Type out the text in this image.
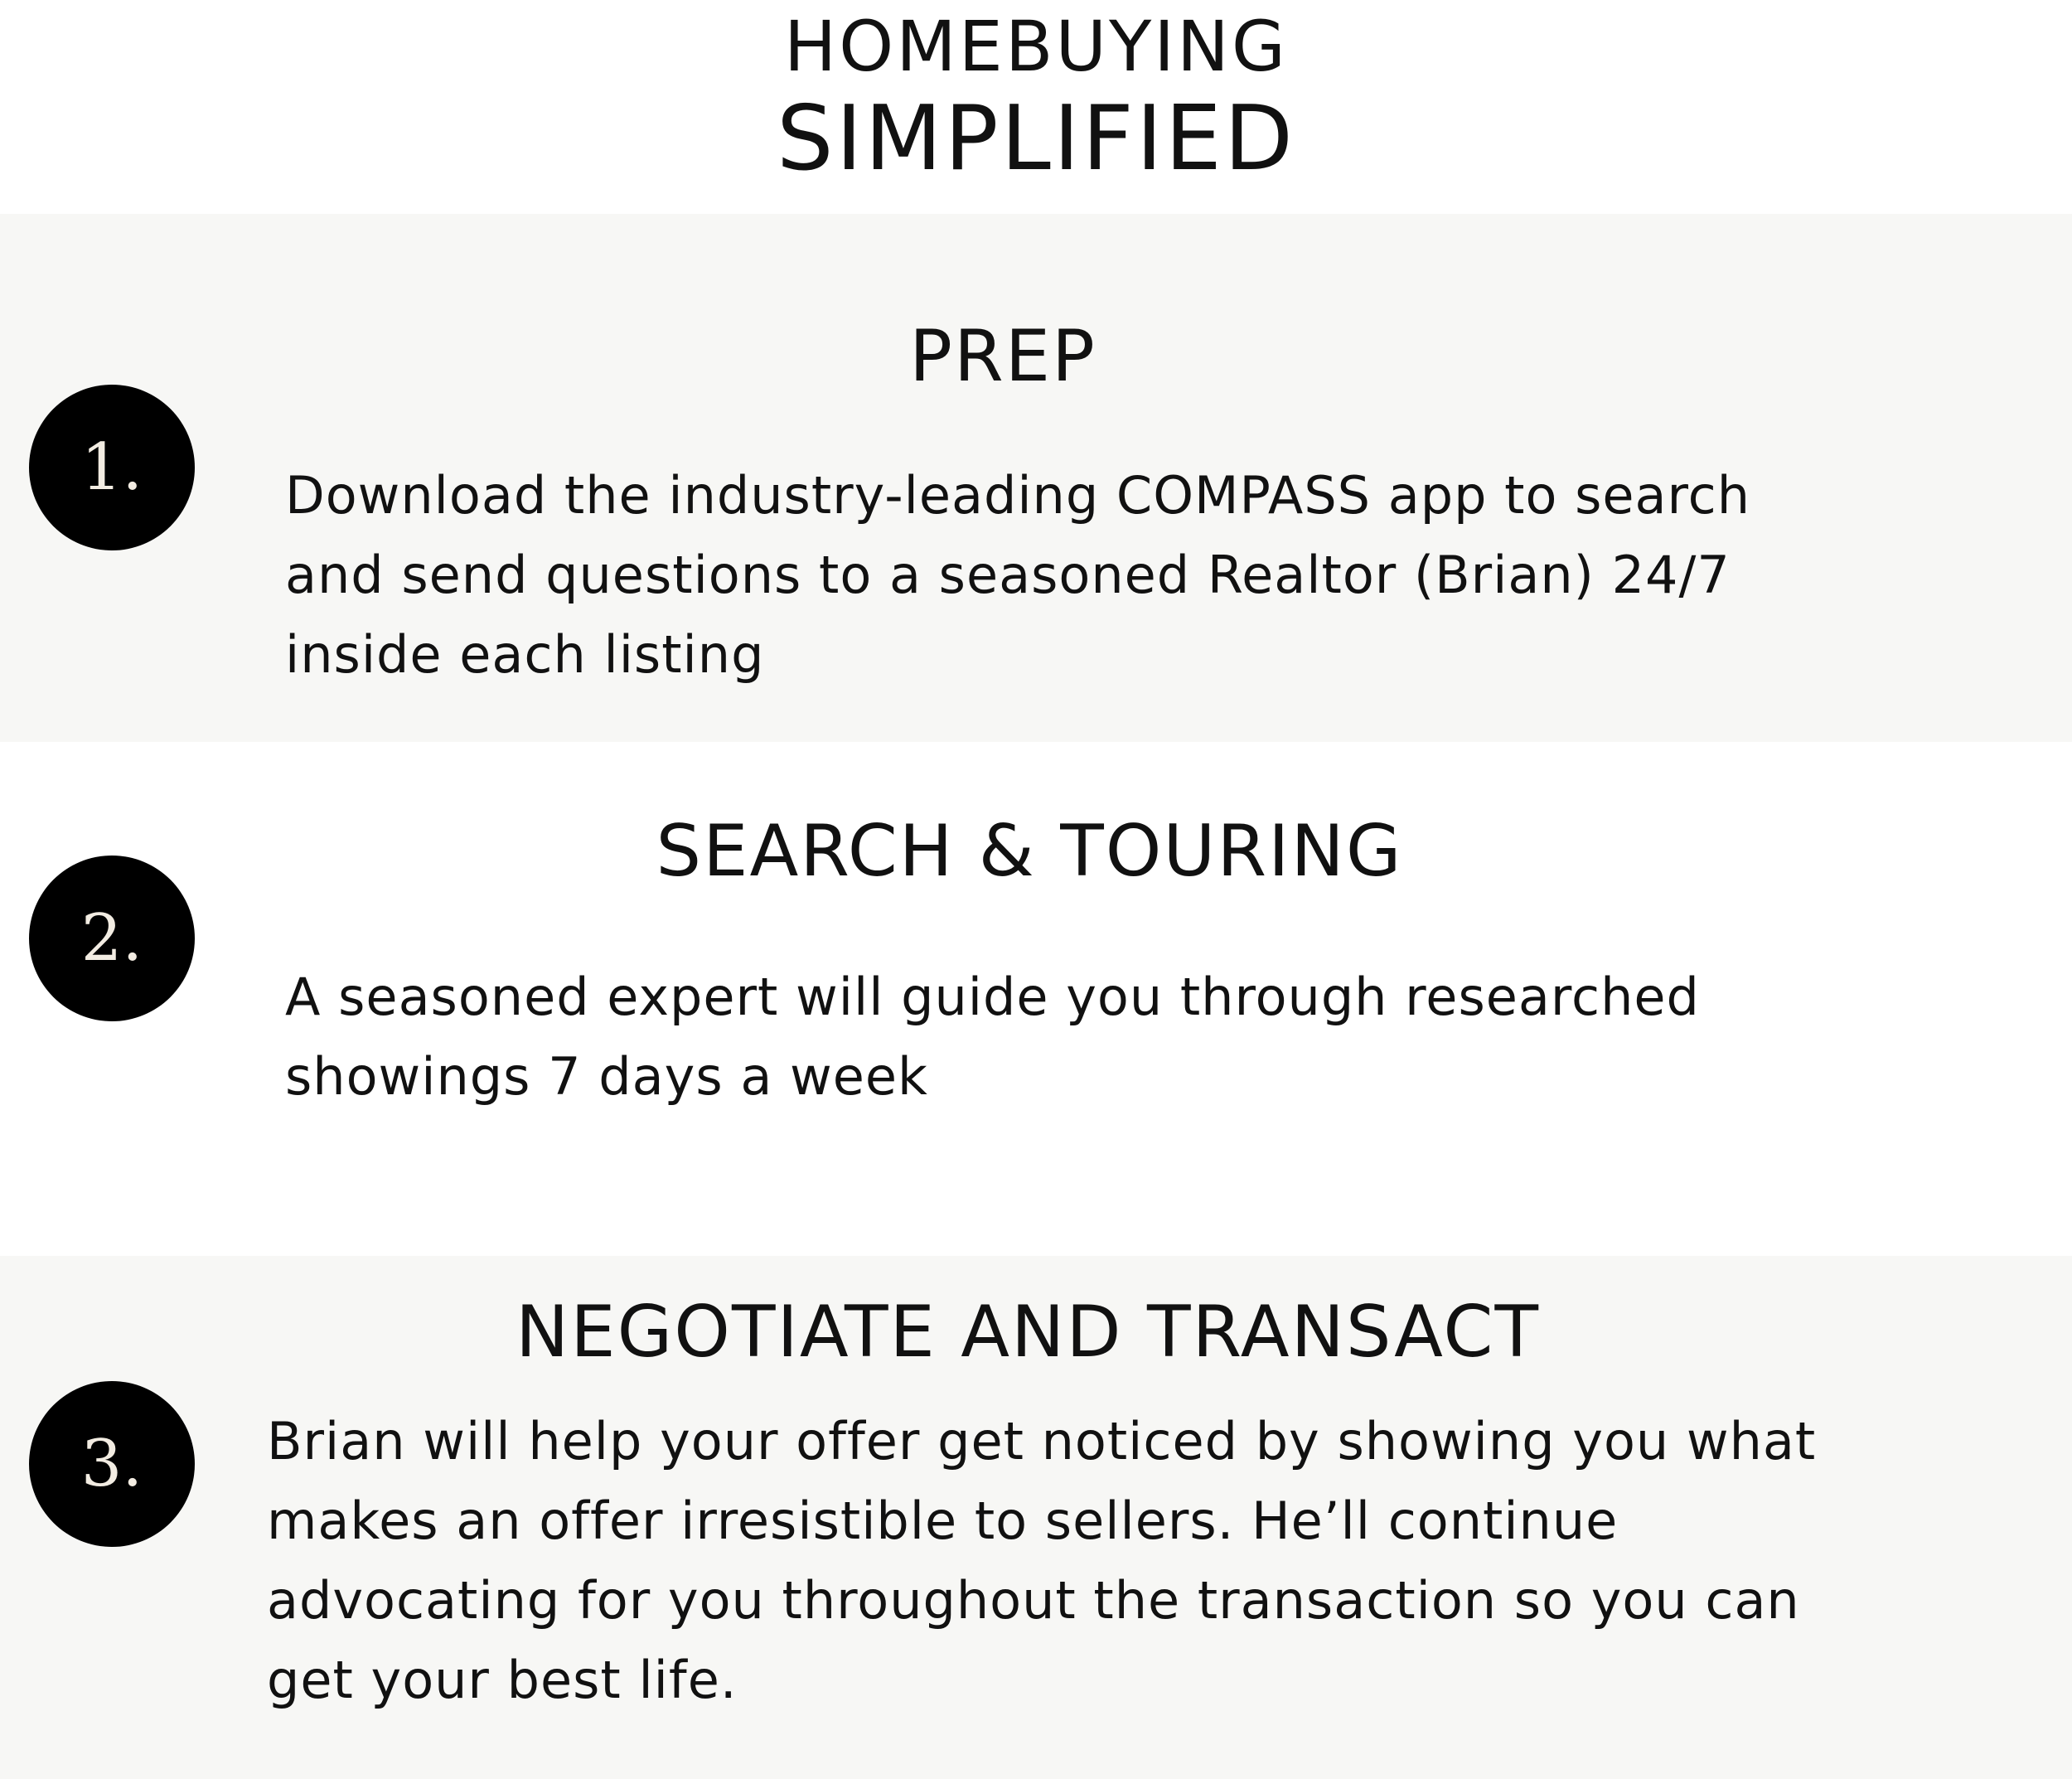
HOMEBUYING
SIMPLIFIED
PREP
1.	Download the industry-leading COMPASS app to search
and send questions to a seasoned Realtor (Brian) 24/7
inside each listing
SEARCH & TOURING
2.
A seasoned expert will guide you through researched
showings 7 days a week
NEGOTIATE AND TRANSACT
3.	Brian will help your offer get noticed by showing you what
makes an offer irresistible to sellers. He’ll continue
advocating for you throughout the transaction so you can
get your best life.
